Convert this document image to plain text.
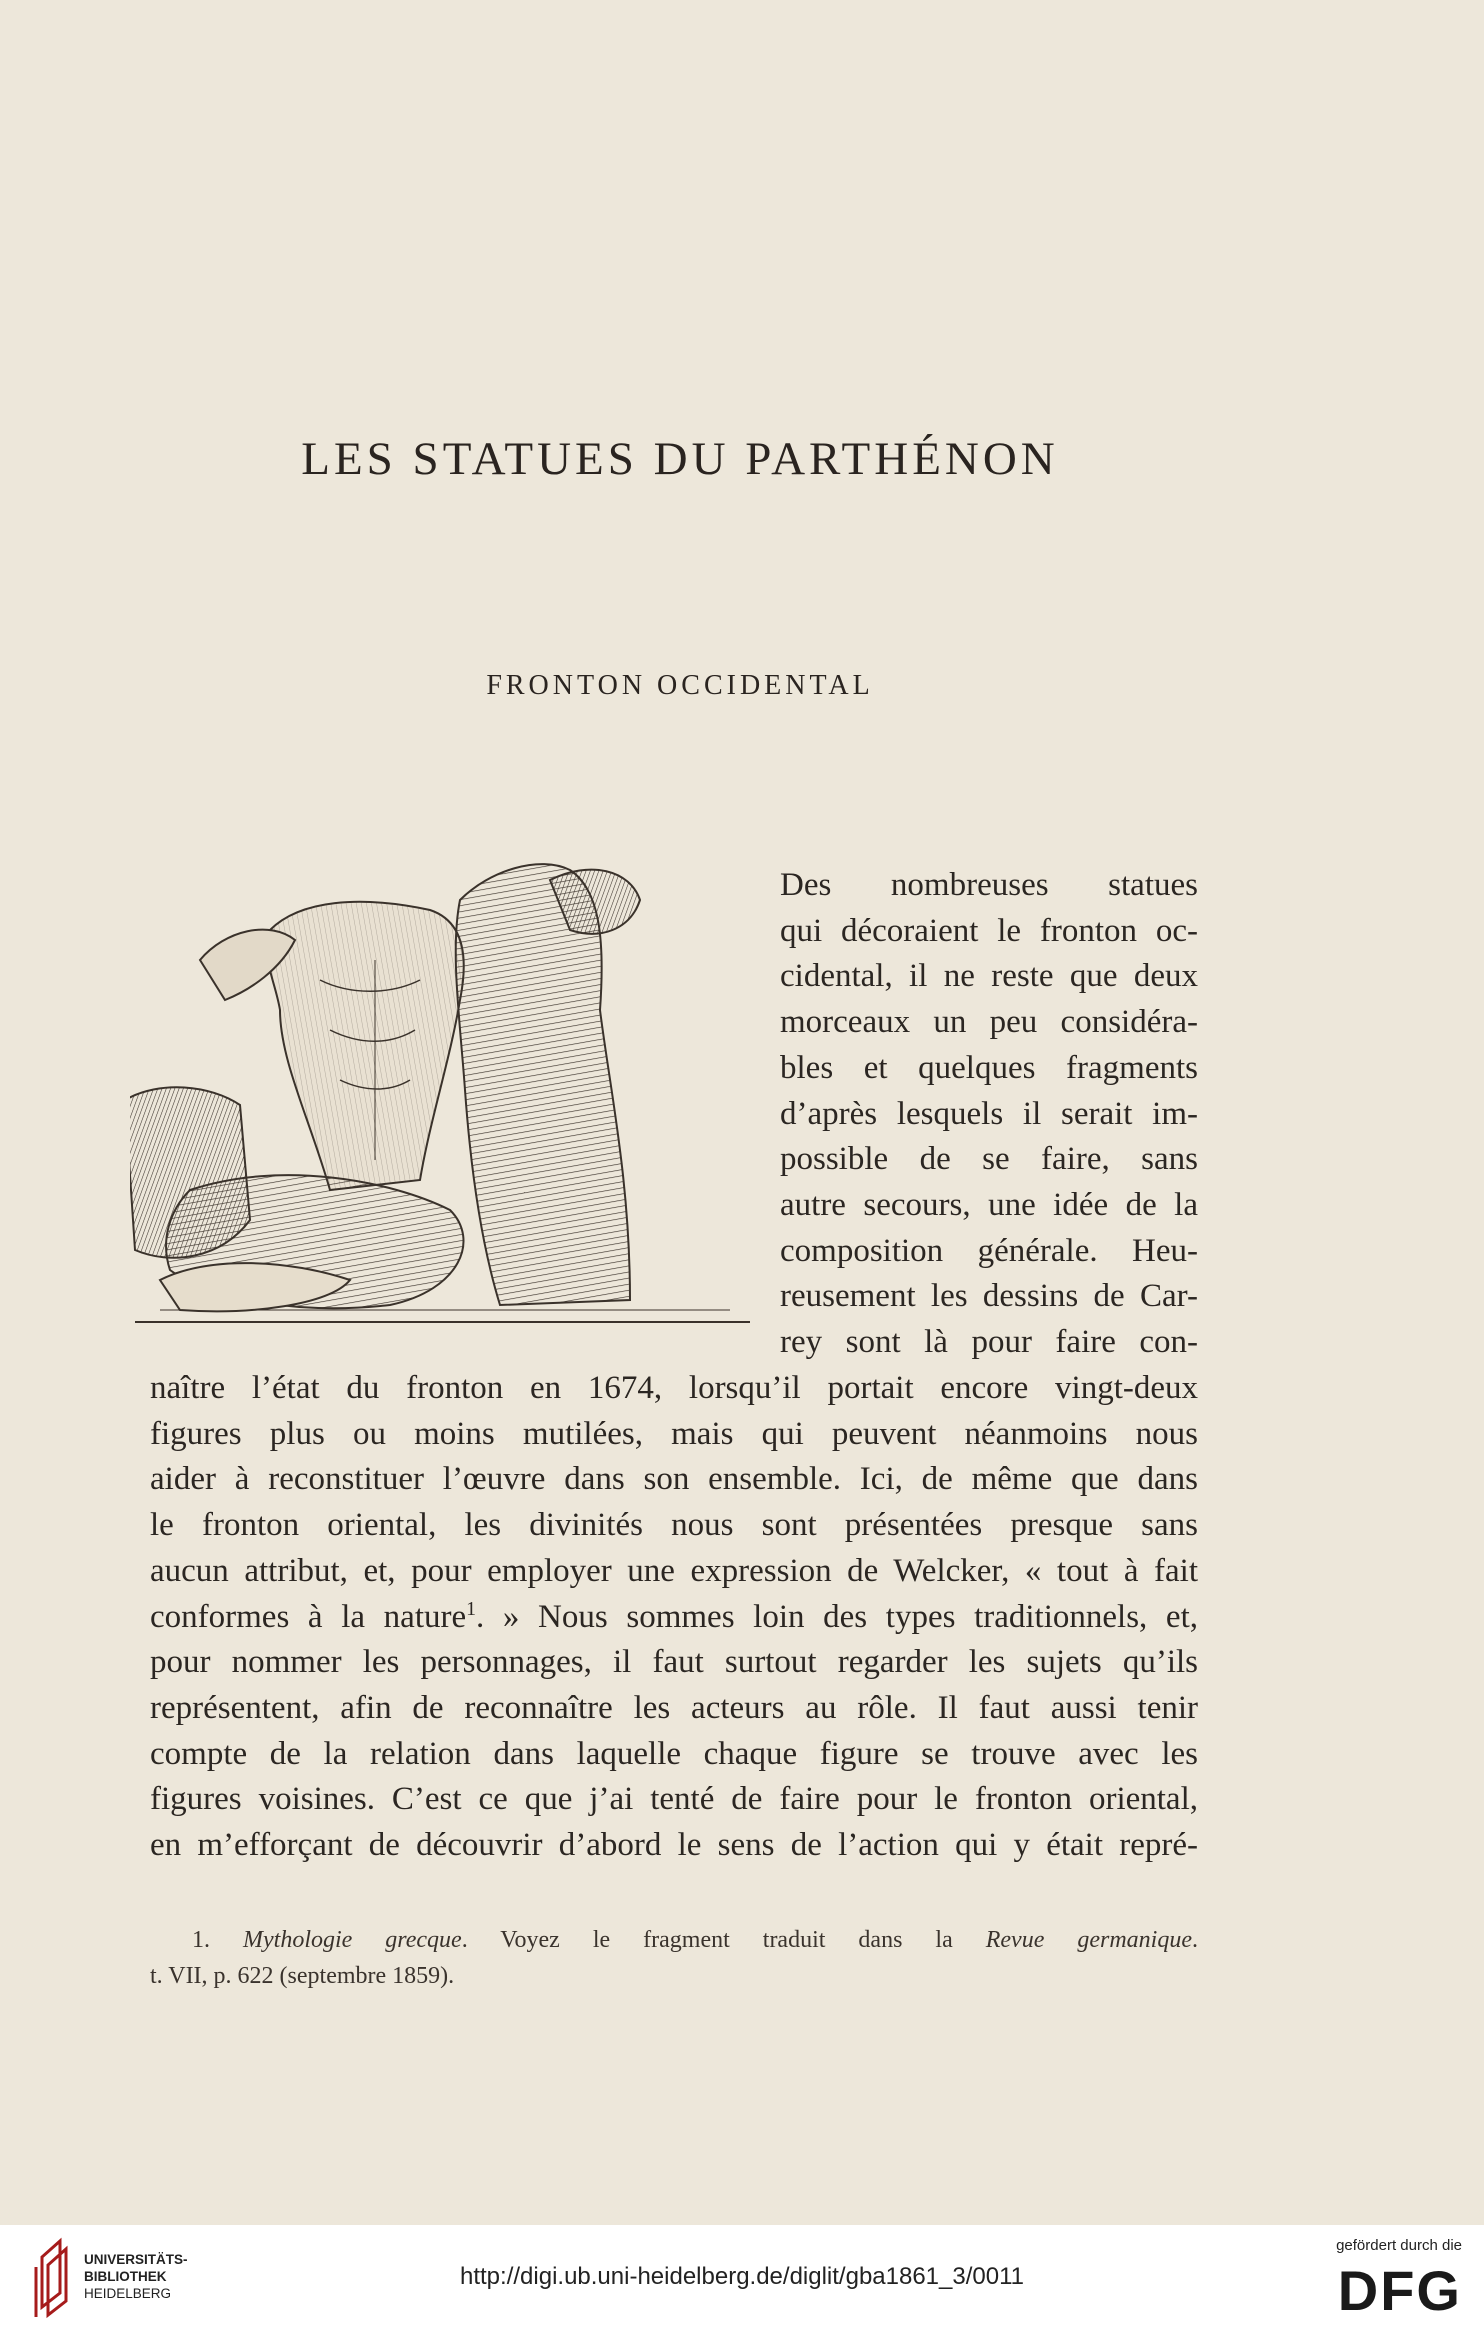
LES STATUES DU PARTHÉNON
FRONTON OCCIDENTAL

Des nombreuses statues

qui décoraient le fronton oc-

cidental, il ne reste que deux

morceaux un peu considéra-

bles et quelques fragments

d’après lesquels il serait im-

possible de se faire, sans

autre secours, une idée de la

composition générale. Heu-

reusement les dessins de Car-

rey sont là pour faire con-

naître l’état du fronton en 1674, lorsqu’il portait encore vingt-deux

figures plus ou moins mutilées, mais qui peuvent néanmoins nous

aider à reconstituer l’œuvre dans son ensemble. Ici, de même que dans

le fronton oriental, les divinités nous sont présentées presque sans

aucun attribut, et, pour employer une expression de Welcker, « tout à fait

conformes à la nature$^1$. » Nous sommes loin des types traditionnels, et,

pour nommer les personnages, il faut surtout regarder les sujets qu’ils

représentent, afin de reconnaître les acteurs au rôle. Il faut aussi tenir

compte de la relation dans laquelle chaque figure se trouve avec les

figures voisines. C’est ce que j’ai tenté de faire pour le fronton oriental,

en m’efforçant de découvrir d’abord le sens de l’action qui y était repré-

1. Mythologie grecque. Voyez le fragment traduit dans la Revue germanique.

t. VII, p. 622 (septembre 1859).

UNIVERSITÄTS-
BIBLIOTHEK
HEIDELBERG
http://digi.ub.uni-heidelberg.de/diglit/gba1861_3/0011
gefördert durch die
DFG
